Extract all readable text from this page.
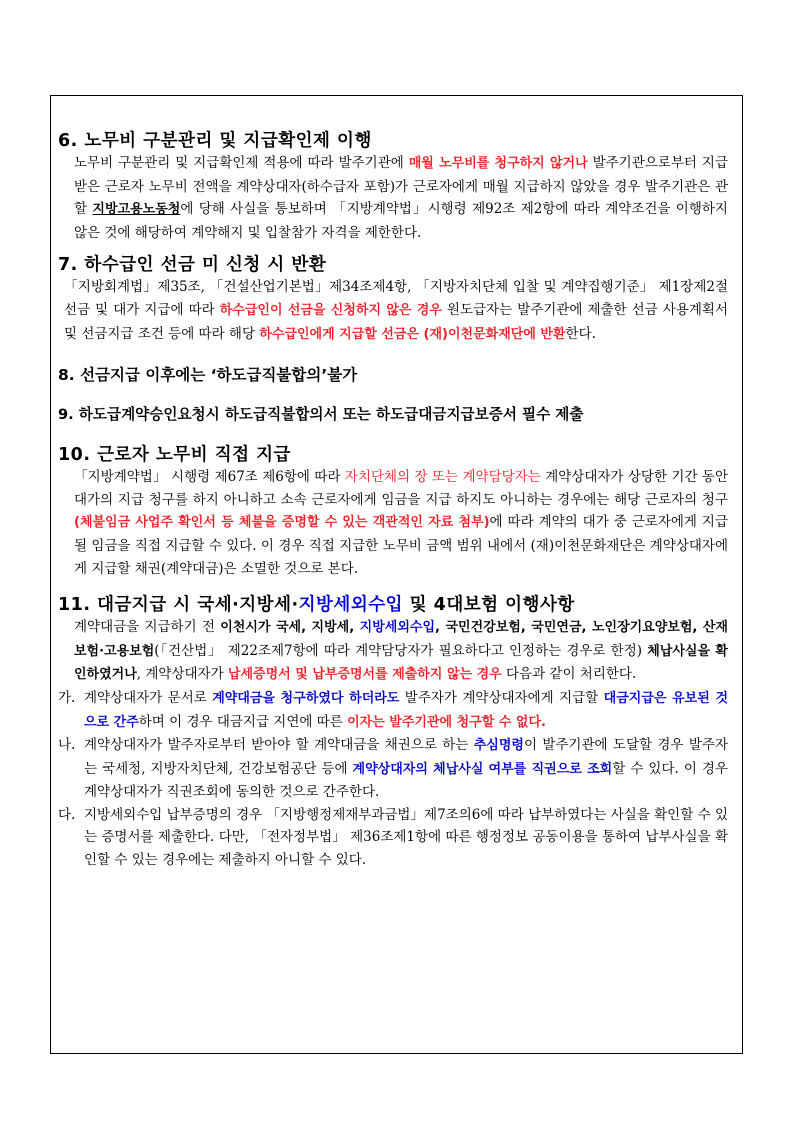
6. 노무비 구분관리 및 지급확인제 이행

노무비 구분관리 및 지급확인제 적용에 따라 발주기관에 매월 노무비를 청구하지 않거나 발주기관으로부터 지급받은 근로자 노무비 전액을 계약상대자(하수급자 포함)가 근로자에게 매월 지급하지 않았을 경우 발주기관은 관할 지방고용노동청에 당해 사실을 통보하며 「지방계약법」시행령 제92조 제2항에 따라 계약조건을 이행하지 않은 것에 해당하여 계약해지 및 입찰참가 자격을 제한한다.

7. 하수급인 선금 미 신청 시 반환

「지방회계법」제35조, 「건설산업기본법」제34조제4항, 「지방자치단체 입찰 및 계약집행기준」 제1장제2절 선금 및 대가 지급에 따라 하수급인이 선금을 신청하지 않은 경우 원도급자는 발주기관에 제출한 선금 사용계획서 및 선금지급 조건 등에 따라 해당 하수급인에게 지급할 선금은 (재)이천문화재단에 반환한다.

8. 선금지급 이후에는 ‘하도급직불합의’불가
9. 하도급계약승인요청시 하도급직불합의서 또는 하도급대금지급보증서 필수 제출
10. 근로자 노무비 직접 지급

「지방계약법」 시행령 제67조 제6항에 따라 자치단체의 장 또는 계약담당자는 계약상대자가 상당한 기간 동안 대가의 지급 청구를 하지 아니하고 소속 근로자에게 임금을 지급 하지도 아니하는 경우에는 해당 근로자의 청구(체불임금 사업주 확인서 등 체불을 증명할 수 있는 객관적인 자료 첨부)에 따라 계약의 대가 중 근로자에게 지급될 임금을 직접 지급할 수 있다. 이 경우 직접 지급한 노무비 금액 범위 내에서 (재)이천문화재단은 계약상대자에게 지급할 채권(계약대금)은 소멸한 것으로 본다.

11. 대금지급 시 국세·지방세·지방세외수입 및 4대보험 이행사항

계약대금을 지급하기 전 이천시가 국세, 지방세, 지방세외수입, 국민건강보험, 국민연금, 노인장기요양보험, 산재보험·고용보험(「건산법」 제22조제7항에 따라 계약담당자가 필요하다고 인정하는 경우로 한정) 체납사실을 확인하였거나, 계약상대자가 납세증명서 및 납부증명서를 제출하지 않는 경우 다음과 같이 처리한다.

가. 계약상대자가 문서로 계약대금을 청구하였다 하더라도 발주자가 계약상대자에게 지급할 대금지급은 유보된 것으로 간주하며 이 경우 대금지급 지연에 따른 이자는 발주기관에 청구할 수 없다.
나. 계약상대자가 발주자로부터 받아야 할 계약대금을 채권으로 하는 추심명령이 발주기관에 도달할 경우 발주자는 국세청, 지방자치단체, 건강보험공단 등에 계약상대자의 체납사실 여부를 직권으로 조회할 수 있다. 이 경우 계약상대자가 직권조회에 동의한 것으로 간주한다.
다. 지방세외수입 납부증명의 경우 「지방행정제재부과금법」제7조의6에 따라 납부하였다는 사실을 확인할 수 있는 증명서를 제출한다. 다만, 「전자정부법」 제36조제1항에 따른 행정정보 공동이용을 통하여 납부사실을 확인할 수 있는 경우에는 제출하지 아니할 수 있다.
